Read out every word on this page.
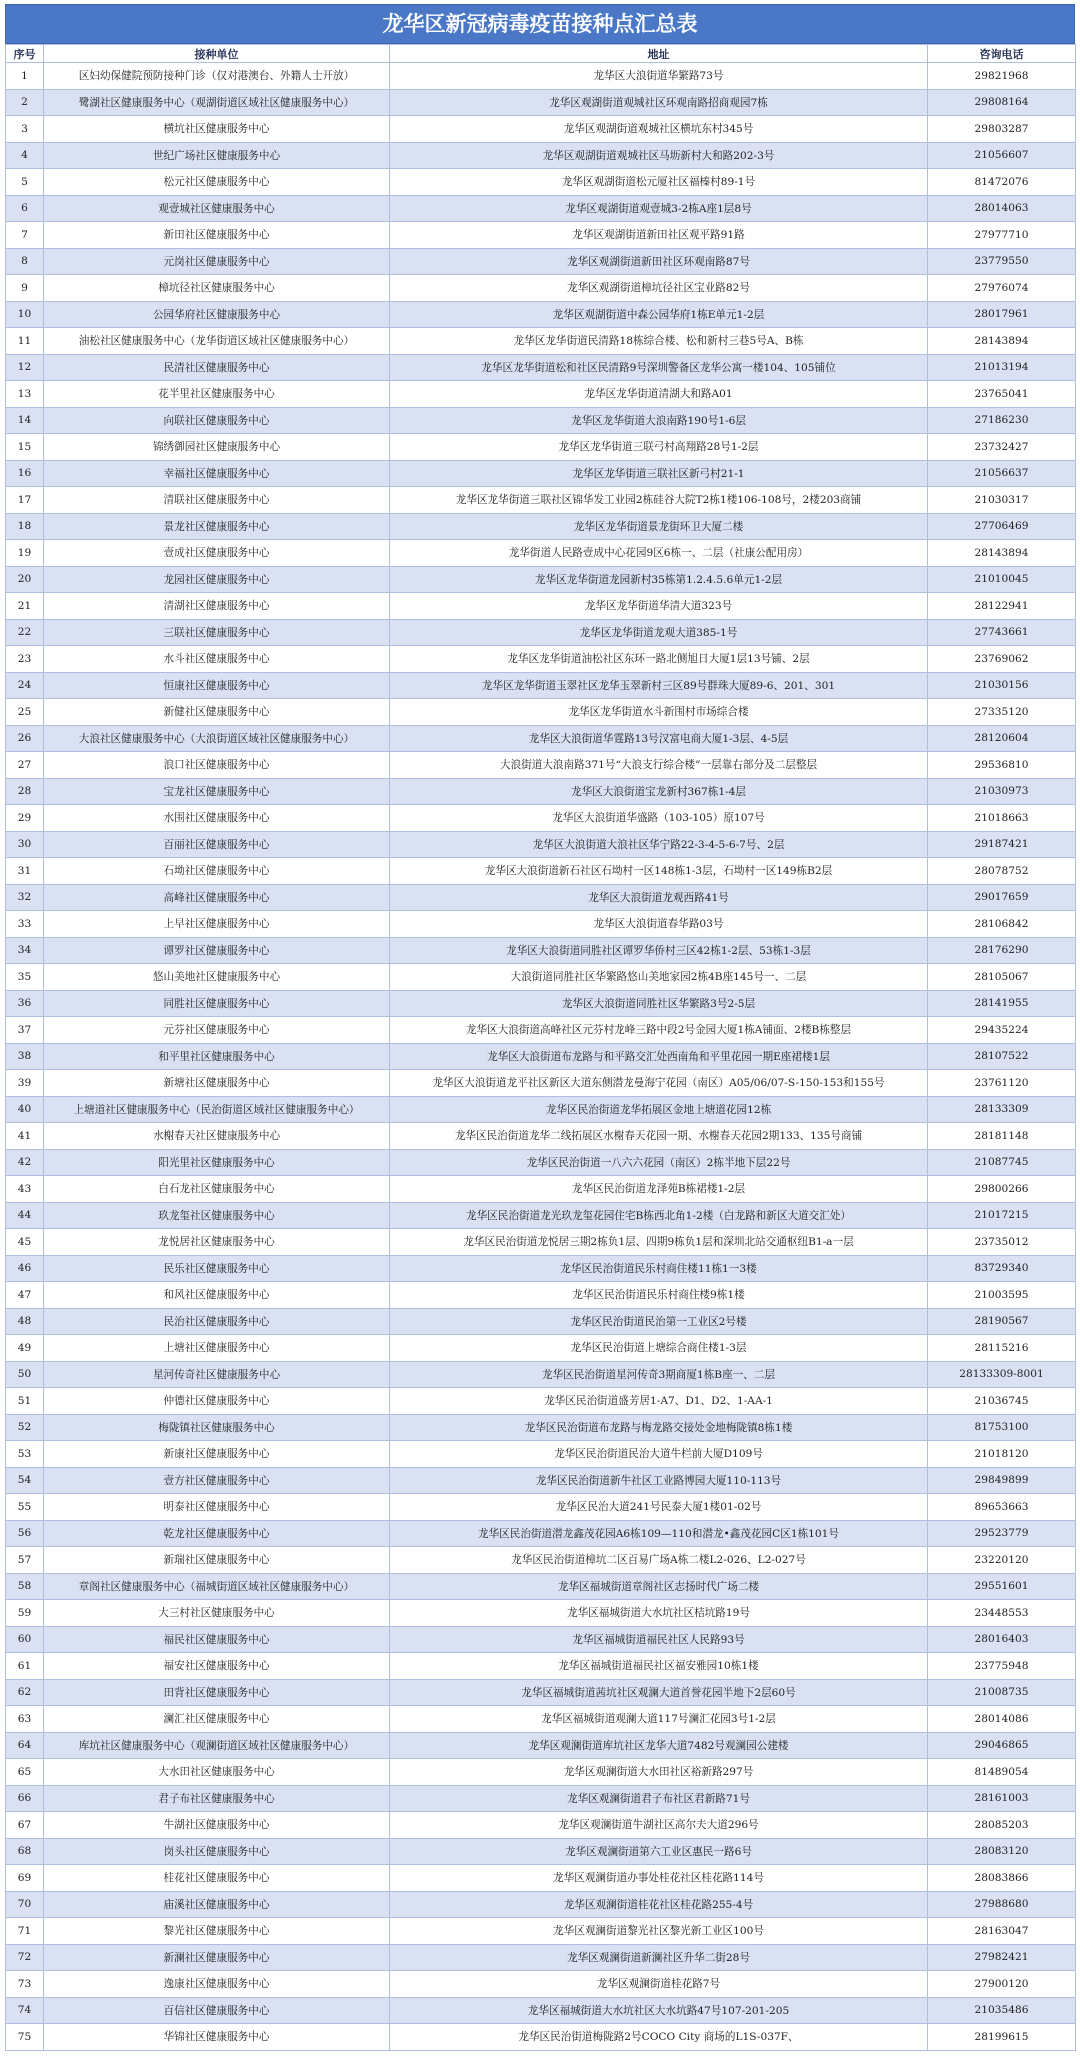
龙华区新冠病毒疫苗接种点汇总表
序号	接种单位	地址	咨询电话
1	区妇幼保健院预防接种门诊（仅对港澳台、外籍人士开放）	龙华区大浪街道华繁路73号	29821968
2	鹭湖社区健康服务中心（观湖街道区域社区健康服务中心）	龙华区观湖街道观城社区环观南路招商观园7栋	29808164
3	横坑社区健康服务中心	龙华区观湖街道观城社区横坑东村345号	29803287
4	世纪广场社区健康服务中心	龙华区观湖街道观城社区马坜新村大和路202-3号	21056607
5	松元社区健康服务中心	龙华区观湖街道松元厦社区福榛村89-1号	81472076
6	观壹城社区健康服务中心	龙华区观湖街道观壹城3-2栋A座1层8号	28014063
7	新田社区健康服务中心	龙华区观湖街道新田社区观平路91路	27977710
8	元岗社区健康服务中心	龙华区观湖街道新田社区环观南路87号	23779550
9	樟坑径社区健康服务中心	龙华区观湖街道樟坑径社区宝业路82号	27976074
10	公园华府社区健康服务中心	龙华区观湖街道中森公园华府1栋E单元1-2层	28017961
11	油松社区健康服务中心（龙华街道区域社区健康服务中心）	龙华区龙华街道民清路18栋综合楼、松和新村三巷5号A、B栋	28143894
12	民清社区健康服务中心	龙华区龙华街道松和社区民清路9号深圳警备区龙华公寓一楼104、105铺位	21013194
13	花半里社区健康服务中心	龙华区龙华街道清湖大和路A01	23765041
14	向联社区健康服务中心	龙华区龙华街道大浪南路190号1-6层	27186230
15	锦绣御园社区健康服务中心	龙华区龙华街道三联弓村高翔路28号1-2层	23732427
16	幸福社区健康服务中心	龙华区龙华街道三联社区新弓村21-1	21056637
17	清联社区健康服务中心	龙华区龙华街道三联社区锦华发工业园2栋硅谷大院T2栋1楼106-108号，2楼203商铺	21030317
18	景龙社区健康服务中心	龙华区龙华街道景龙街环卫大厦二楼	27706469
19	壹成社区健康服务中心	龙华街道人民路壹成中心花园9区6栋一、二层（社康公配用房）	28143894
20	龙园社区健康服务中心	龙华区龙华街道龙园新村35栋第1.2.4.5.6单元1-2层	21010045
21	清湖社区健康服务中心	龙华区龙华街道华清大道323号	28122941
22	三联社区健康服务中心	龙华区龙华街道龙观大道385-1号	27743661
23	水斗社区健康服务中心	龙华区龙华街道油松社区东环一路北侧旭日大厦1层13号铺、2层	23769062
24	恒康社区健康服务中心	龙华区龙华街道玉翠社区龙华玉翠新村三区89号群珠大厦89-6、201、301	21030156
25	新健社区健康服务中心	龙华区龙华街道水斗新围村市场综合楼	27335120
26	大浪社区健康服务中心（大浪街道区域社区健康服务中心）	龙华区大浪街道华霆路13号汉富电商大厦1-3层、4-5层	28120604
27	浪口社区健康服务中心	大浪街道大浪南路371号“大浪支行综合楼”一层靠右部分及二层整层	29536810
28	宝龙社区健康服务中心	龙华区大浪街道宝龙新村367栋1-4层	21030973
29	水围社区健康服务中心	龙华区大浪街道华盛路（103-105）原107号	21018663
30	百丽社区健康服务中心	龙华区大浪街道大浪社区华宁路22-3-4-5-6-7号、2层	29187421
31	石坳社区健康服务中心	龙华区大浪街道新石社区石坳村一区148栋1-3层，石坳村一区149栋B2层	28078752
32	高峰社区健康服务中心	龙华区大浪街道龙观西路41号	29017659
33	上早社区健康服务中心	龙华区大浪街道春华路03号	28106842
34	谭罗社区健康服务中心	龙华区大浪街道同胜社区谭罗华侨村三区42栋1-2层、53栋1-3层	28176290
35	悠山美地社区健康服务中心	大浪街道同胜社区华繁路悠山美地家园2栋4B座145号一、二层	28105067
36	同胜社区健康服务中心	龙华区大浪街道同胜社区华繁路3号2-5层	28141955
37	元芬社区健康服务中心	龙华区大浪街道高峰社区元芬村龙峰三路中段2号金园大厦1栋A铺面、2楼B栋整层	29435224
38	和平里社区健康服务中心	龙华区大浪街道布龙路与和平路交汇处西南角和平里花园一期E座裙楼1层	28107522
39	新塘社区健康服务中心	龙华区大浪街道龙平社区新区大道东侧潜龙曼海宁花园（南区）A05/06/07-S-150-153和155号	23761120
40	上塘道社区健康服务中心（民治街道区域社区健康服务中心）	龙华区民治街道龙华拓展区金地上塘道花园12栋	28133309
41	水榭春天社区健康服务中心	龙华区民治街道龙华二线拓展区水榭春天花园一期、水榭春天花园2期133、135号商铺	28181148
42	阳光里社区健康服务中心	龙华区民治街道一八六六花园（南区）2栋半地下层22号	21087745
43	白石龙社区健康服务中心	龙华区民治街道龙泽苑B栋裙楼1-2层	29800266
44	玖龙玺社区健康服务中心	龙华区民治街道龙光玖龙玺花园住宅B栋西北角1-2楼（白龙路和新区大道交汇处）	21017215
45	龙悦居社区健康服务中心	龙华区民治街道龙悦居三期2栋负1层、四期9栋负1层和深圳北站交通枢纽B1-a一层	23735012
46	民乐社区健康服务中心	龙华区民治街道民乐村商住楼11栋1一3楼	83729340
47	和风社区健康服务中心	龙华区民治街道民乐村商住楼9栋1楼	21003595
48	民治社区健康服务中心	龙华区民治街道民治第一工业区2号楼	28190567
49	上塘社区健康服务中心	龙华区民治街道上塘综合商住楼1-3层	28115216
50	星河传奇社区健康服务中心	龙华区民治街道星河传奇3期商厦1栋B座一、二层	28133309-8001
51	仲德社区健康服务中心	龙华区民治街道盛芳居1-A7、D1、D2、1-AA-1	21036745
52	梅陇镇社区健康服务中心	龙华区民治街道布龙路与梅龙路交接处金地梅陇镇8栋1楼	81753100
53	新康社区健康服务中心	龙华区民治街道民治大道牛栏前大厦D109号	21018120
54	壹方社区健康服务中心	龙华区民治街道新牛社区工业路博园大厦110-113号	29849899
55	明泰社区健康服务中心	龙华区民治大道241号民泰大厦1楼01-02号	89653663
56	乾龙社区健康服务中心	龙华区民治街道潜龙鑫茂花园A6栋109—110和潜龙•鑫茂花园C区1栋101号	29523779
57	新瑞社区健康服务中心	龙华区民治街道樟坑二区百易广场A栋二楼L2-026、L2-027号	23220120
58	章阁社区健康服务中心（福城街道区域社区健康服务中心）	龙华区福城街道章阁社区志扬时代广场二楼	29551601
59	大三村社区健康服务中心	龙华区福城街道大水坑社区桔坑路19号	23448553
60	福民社区健康服务中心	龙华区福城街道福民社区人民路93号	28016403
61	福安社区健康服务中心	龙华区福城街道福民社区福安雅园10栋1楼	23775948
62	田背社区健康服务中心	龙华区福城街道茜坑社区观澜大道首誉花园半地下2层60号	21008735
63	澜汇社区健康服务中心	龙华区福城街道观澜大道117号澜汇花园3号1-2层	28014086
64	库坑社区健康服务中心（观澜街道区域社区健康服务中心）	龙华区观澜街道库坑社区龙华大道7482号观澜园公建楼	29046865
65	大水田社区健康服务中心	龙华区观澜街道大水田社区裕新路297号	81489054
66	君子布社区健康服务中心	龙华区观澜街道君子布社区君新路71号	28161003
67	牛湖社区健康服务中心	龙华区观澜街道牛湖社区高尔夫大道296号	28085203
68	岗头社区健康服务中心	龙华区观澜街道第六工业区惠民一路6号	28083120
69	桂花社区健康服务中心	龙华区观澜街道办事处桂花社区桂花路114号	28083866
70	庙溪社区健康服务中心	龙华区观澜街道桂花社区桂花路255-4号	27988680
71	黎光社区健康服务中心	龙华区观澜街道黎光社区黎光新工业区100号	28163047
72	新澜社区健康服务中心	龙华区观澜街道新澜社区升华二街28号	27982421
73	逸康社区健康服务中心	龙华区观澜街道桂花路7号	27900120
74	百信社区健康服务中心	龙华区福城街道大水坑社区大水坑路47号107-201-205	21035486
75	华锦社区健康服务中心	龙华区民治街道梅陇路2号COCO City 商场的L1S-037F、	28199615
